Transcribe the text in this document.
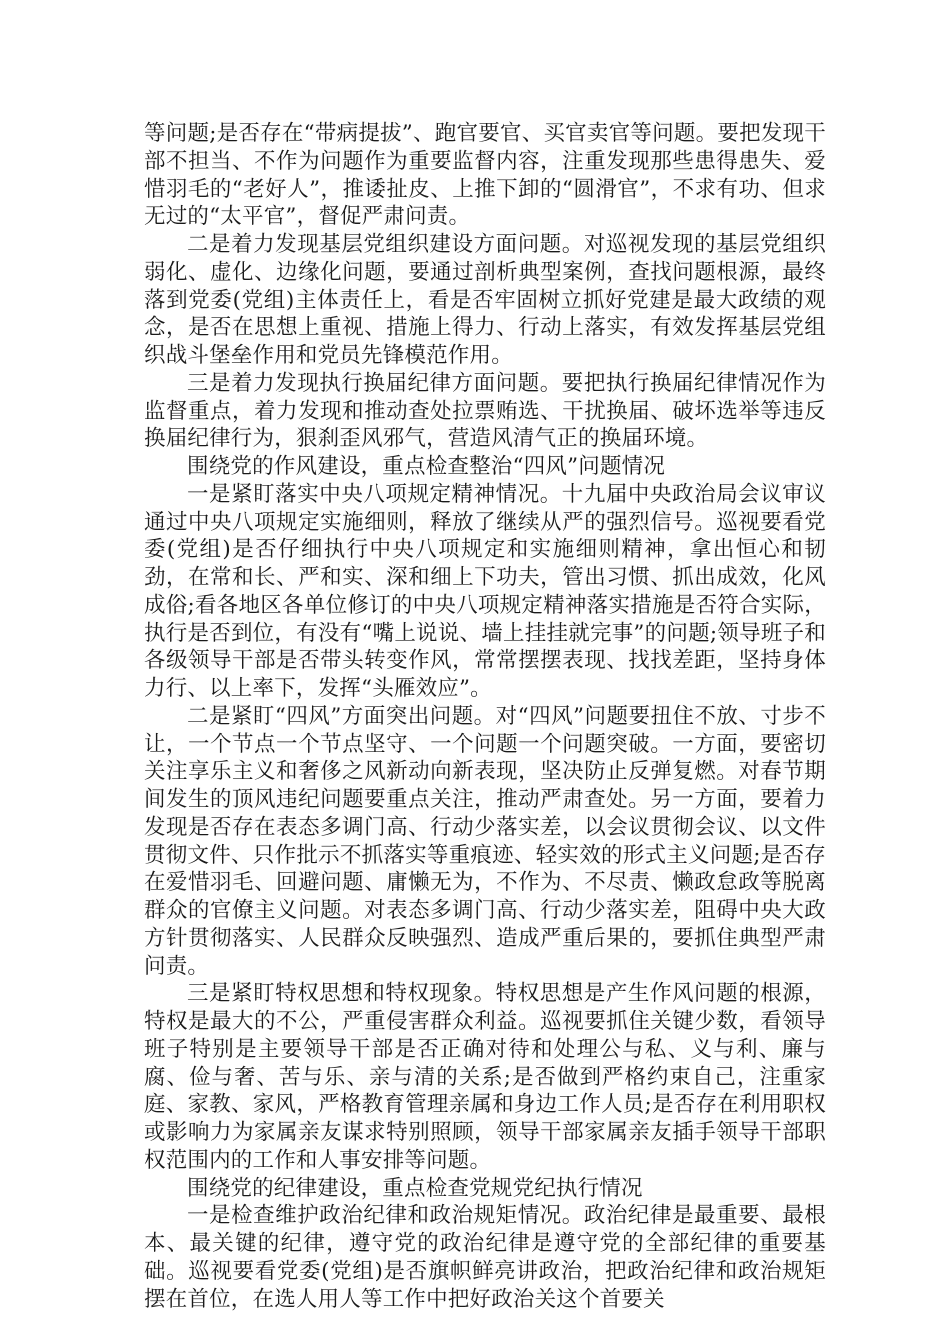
等问题;是否存在“带病提拔”、跑官要官、买官卖官等问题。要把发现干部不担当、不作为问题作为重要监督内容，注重发现那些患得患失、爱惜羽毛的“老好人”，推诿扯皮、上推下卸的“圆滑官”，不求有功、但求无过的“太平官”，督促严肃问责。

二是着力发现基层党组织建设方面问题。对巡视发现的基层党组织弱化、虚化、边缘化问题，要通过剖析典型案例，查找问题根源，最终落到党委(党组)主体责任上，看是否牢固树立抓好党建是最大政绩的观念，是否在思想上重视、措施上得力、行动上落实，有效发挥基层党组织战斗堡垒作用和党员先锋模范作用。

三是着力发现执行换届纪律方面问题。要把执行换届纪律情况作为监督重点，着力发现和推动查处拉票贿选、干扰换届、破坏选举等违反换届纪律行为，狠刹歪风邪气，营造风清气正的换届环境。

围绕党的作风建设，重点检查整治“四风”问题情况

一是紧盯落实中央八项规定精神情况。十九届中央政治局会议审议通过中央八项规定实施细则，释放了继续从严的强烈信号。巡视要看党委(党组)是否仔细执行中央八项规定和实施细则精神，拿出恒心和韧劲，在常和长、严和实、深和细上下功夫，管出习惯、抓出成效，化风成俗;看各地区各单位修订的中央八项规定精神落实措施是否符合实际，执行是否到位，有没有“嘴上说说、墙上挂挂就完事”的问题;领导班子和各级领导干部是否带头转变作风，常常摆摆表现、找找差距，坚持身体力行、以上率下，发挥“头雁效应”。

二是紧盯“四风”方面突出问题。对“四风”问题要扭住不放、寸步不让，一个节点一个节点坚守、一个问题一个问题突破。一方面，要密切关注享乐主义和奢侈之风新动向新表现，坚决防止反弹复燃。对春节期间发生的顶风违纪问题要重点关注，推动严肃查处。另一方面，要着力发现是否存在表态多调门高、行动少落实差，以会议贯彻会议、以文件贯彻文件、只作批示不抓落实等重痕迹、轻实效的形式主义问题;是否存在爱惜羽毛、回避问题、庸懒无为，不作为、不尽责、懒政怠政等脱离群众的官僚主义问题。对表态多调门高、行动少落实差，阻碍中央大政方针贯彻落实、人民群众反映强烈、造成严重后果的，要抓住典型严肃问责。

三是紧盯特权思想和特权现象。特权思想是产生作风问题的根源，特权是最大的不公，严重侵害群众利益。巡视要抓住关键少数，看领导班子特别是主要领导干部是否正确对待和处理公与私、义与利、廉与腐、俭与奢、苦与乐、亲与清的关系;是否做到严格约束自己，注重家庭、家教、家风，严格教育管理亲属和身边工作人员;是否存在利用职权或影响力为家属亲友谋求特别照顾，领导干部家属亲友插手领导干部职权范围内的工作和人事安排等问题。

围绕党的纪律建设，重点检查党规党纪执行情况

一是检查维护政治纪律和政治规矩情况。政治纪律是最重要、最根本、最关键的纪律，遵守党的政治纪律是遵守党的全部纪律的重要基础。巡视要看党委(党组)是否旗帜鲜亮讲政治，把政治纪律和政治规矩摆在首位，在选人用人等工作中把好政治关这个首要关
